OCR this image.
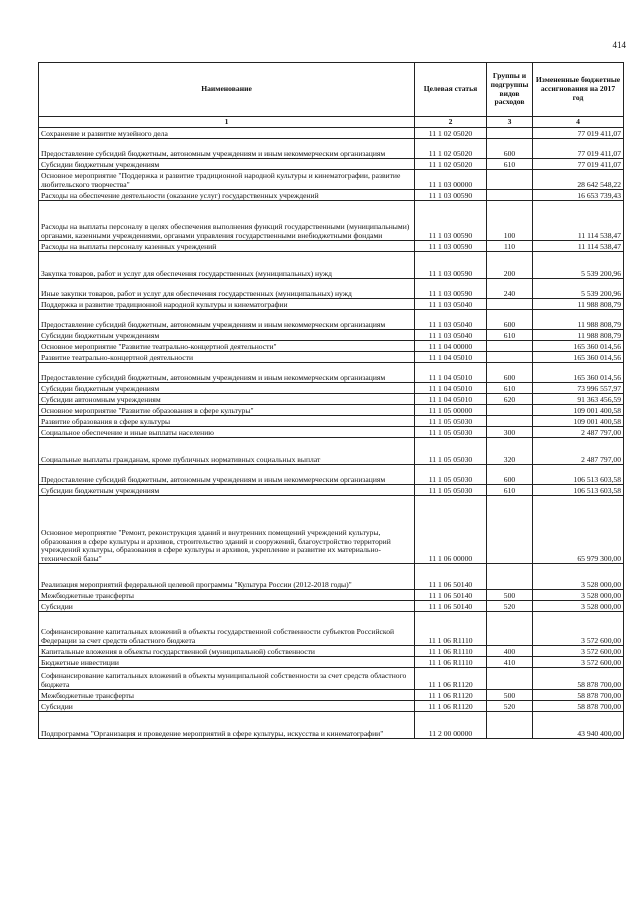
414
Наименование	Целевая статья	Группы и подгруппы видов расходов	Измененные бюджетные ассигнования на 2017 год
1	2	3	4
Сохранение и развитие музейного дела	11 1 02 05020		77 019 411,07
Предоставление субсидий бюджетным, автономным учреждениям и иным некоммерческим организациям	11 1 02 05020	600	77 019 411,07
Субсидии бюджетным учреждениям	11 1 02 05020	610	77 019 411,07
Основное мероприятие "Поддержка и развитие традиционной народной культуры и кинематографии, развитие любительского творчества"	11 1 03 00000		28 642 548,22
Расходы на обеспечение деятельности (оказание услуг) государственных учреждений	11 1 03 00590		16 653 739,43
Расходы на выплаты персоналу в целях обеспечения выполнения функций государственными (муниципальными) органами, казенными учреждениями, органами управления государственными внебюджетными фондами	11 1 03 00590	100	11 114 538,47
Расходы на выплаты персоналу казенных учреждений	11 1 03 00590	110	11 114 538,47
Закупка товаров, работ и услуг для обеспечения государственных (муниципальных) нужд	11 1 03 00590	200	5 539 200,96
Иные закупки товаров, работ и услуг для обеспечения государственных (муниципальных) нужд	11 1 03 00590	240	5 539 200,96
Поддержка и развитие традиционной народной культуры и кинематографии	11 1 03 05040		11 988 808,79
Предоставление субсидий бюджетным, автономным учреждениям и иным некоммерческим организациям	11 1 03 05040	600	11 988 808,79
Субсидии бюджетным учреждениям	11 1 03 05040	610	11 988 808,79
Основное мероприятие "Развитие театрально-концертной деятельности"	11 1 04 00000		165 360 014,56
Развитие театрально-концертной деятельности	11 1 04 05010		165 360 014,56
Предоставление субсидий бюджетным, автономным учреждениям и иным некоммерческим организациям	11 1 04 05010	600	165 360 014,56
Субсидии бюджетным учреждениям	11 1 04 05010	610	73 996 557,97
Субсидии автономным учреждениям	11 1 04 05010	620	91 363 456,59
Основное мероприятие "Развитие образования в сфере культуры"	11 1 05 00000		109 001 400,58
Развитие образования в сфере культуры	11 1 05 05030		109 001 400,58
Социальное обеспечение и иные выплаты населению	11 1 05 05030	300	2 487 797,00
Социальные выплаты гражданам, кроме публичных нормативных социальных выплат	11 1 05 05030	320	2 487 797,00
Предоставление субсидий бюджетным, автономным учреждениям и иным некоммерческим организациям	11 1 05 05030	600	106 513 603,58
Субсидии бюджетным учреждениям	11 1 05 05030	610	106 513 603,58
Основное мероприятие "Ремонт, реконструкция зданий и внутренних помещений учреждений культуры, образования в сфере культуры и архивов, строительство зданий и сооружений, благоустройство территорий учреждений культуры, образования в сфере культуры и архивов, укрепление и развитие их материально-технической базы"	11 1 06 00000		65 979 300,00
Реализация мероприятий федеральной целевой программы "Культура России (2012-2018 годы)"	11 1 06 50140		3 528 000,00
Межбюджетные трансферты	11 1 06 50140	500	3 528 000,00
Субсидии	11 1 06 50140	520	3 528 000,00
Софинансирование капитальных вложений в объекты государственной собственности субъектов Российской Федерации за счет средств областного бюджета	11 1 06 R1110		3 572 600,00
Капитальные вложения в объекты государственной (муниципальной) собственности	11 1 06 R1110	400	3 572 600,00
Бюджетные инвестиции	11 1 06 R1110	410	3 572 600,00
Софинансирование капитальных вложений в объекты муниципальной собственности за счет средств областного бюджета	11 1 06 R1120		58 878 700,00
Межбюджетные трансферты	11 1 06 R1120	500	58 878 700,00
Субсидии	11 1 06 R1120	520	58 878 700,00
Подпрограмма "Организация и проведение мероприятий в сфере культуры, искусства и кинематографии"	11 2 00 00000		43 940 400,00
